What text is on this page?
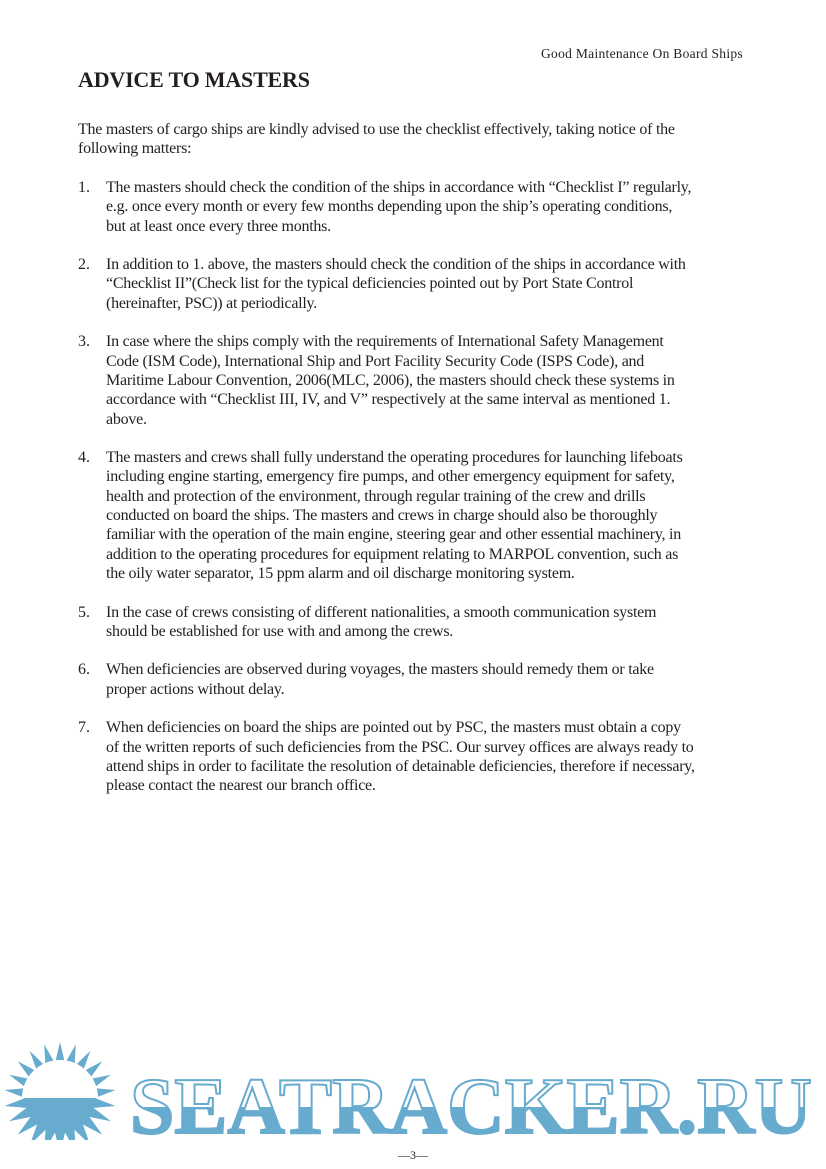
Good Maintenance On Board Ships
ADVICE TO MASTERS
The masters of cargo ships are kindly advised to use the checklist effectively, taking notice of the
following matters:
1. The masters should check the condition of the ships in accordance with “Checklist I” regularly,
e.g. once every month or every few months depending upon the ship’s operating conditions,
but at least once every three months.
2. In addition to 1. above, the masters should check the condition of the ships in accordance with
“Checklist II”(Check list for the typical deficiencies pointed out by Port State Control
(hereinafter, PSC)) at periodically.
3. In case where the ships comply with the requirements of International Safety Management
Code (ISM Code), International Ship and Port Facility Security Code (ISPS Code), and
Maritime Labour Convention, 2006(MLC, 2006), the masters should check these systems in
accordance with “Checklist III, IV, and V” respectively at the same interval as mentioned 1.
above.
4. The masters and crews shall fully understand the operating procedures for launching lifeboats
including engine starting, emergency fire pumps, and other emergency equipment for safety,
health and protection of the environment, through regular training of the crew and drills
conducted on board the ships. The masters and crews in charge should also be thoroughly
familiar with the operation of the main engine, steering gear and other essential machinery, in
addition to the operating procedures for equipment relating to MARPOL convention, such as
the oily water separator, 15 ppm alarm and oil discharge monitoring system.
5. In the case of crews consisting of different nationalities, a smooth communication system
should be established for use with and among the crews.
6. When deficiencies are observed during voyages, the masters should remedy them or take
proper actions without delay.
7. When deficiencies on board the ships are pointed out by PSC, the masters must obtain a copy
of the written reports of such deficiencies from the PSC. Our survey offices are always ready to
attend ships in order to facilitate the resolution of detainable deficiencies, therefore if necessary,
please contact the nearest our branch office.
SEATRACKER.RU
—3—
